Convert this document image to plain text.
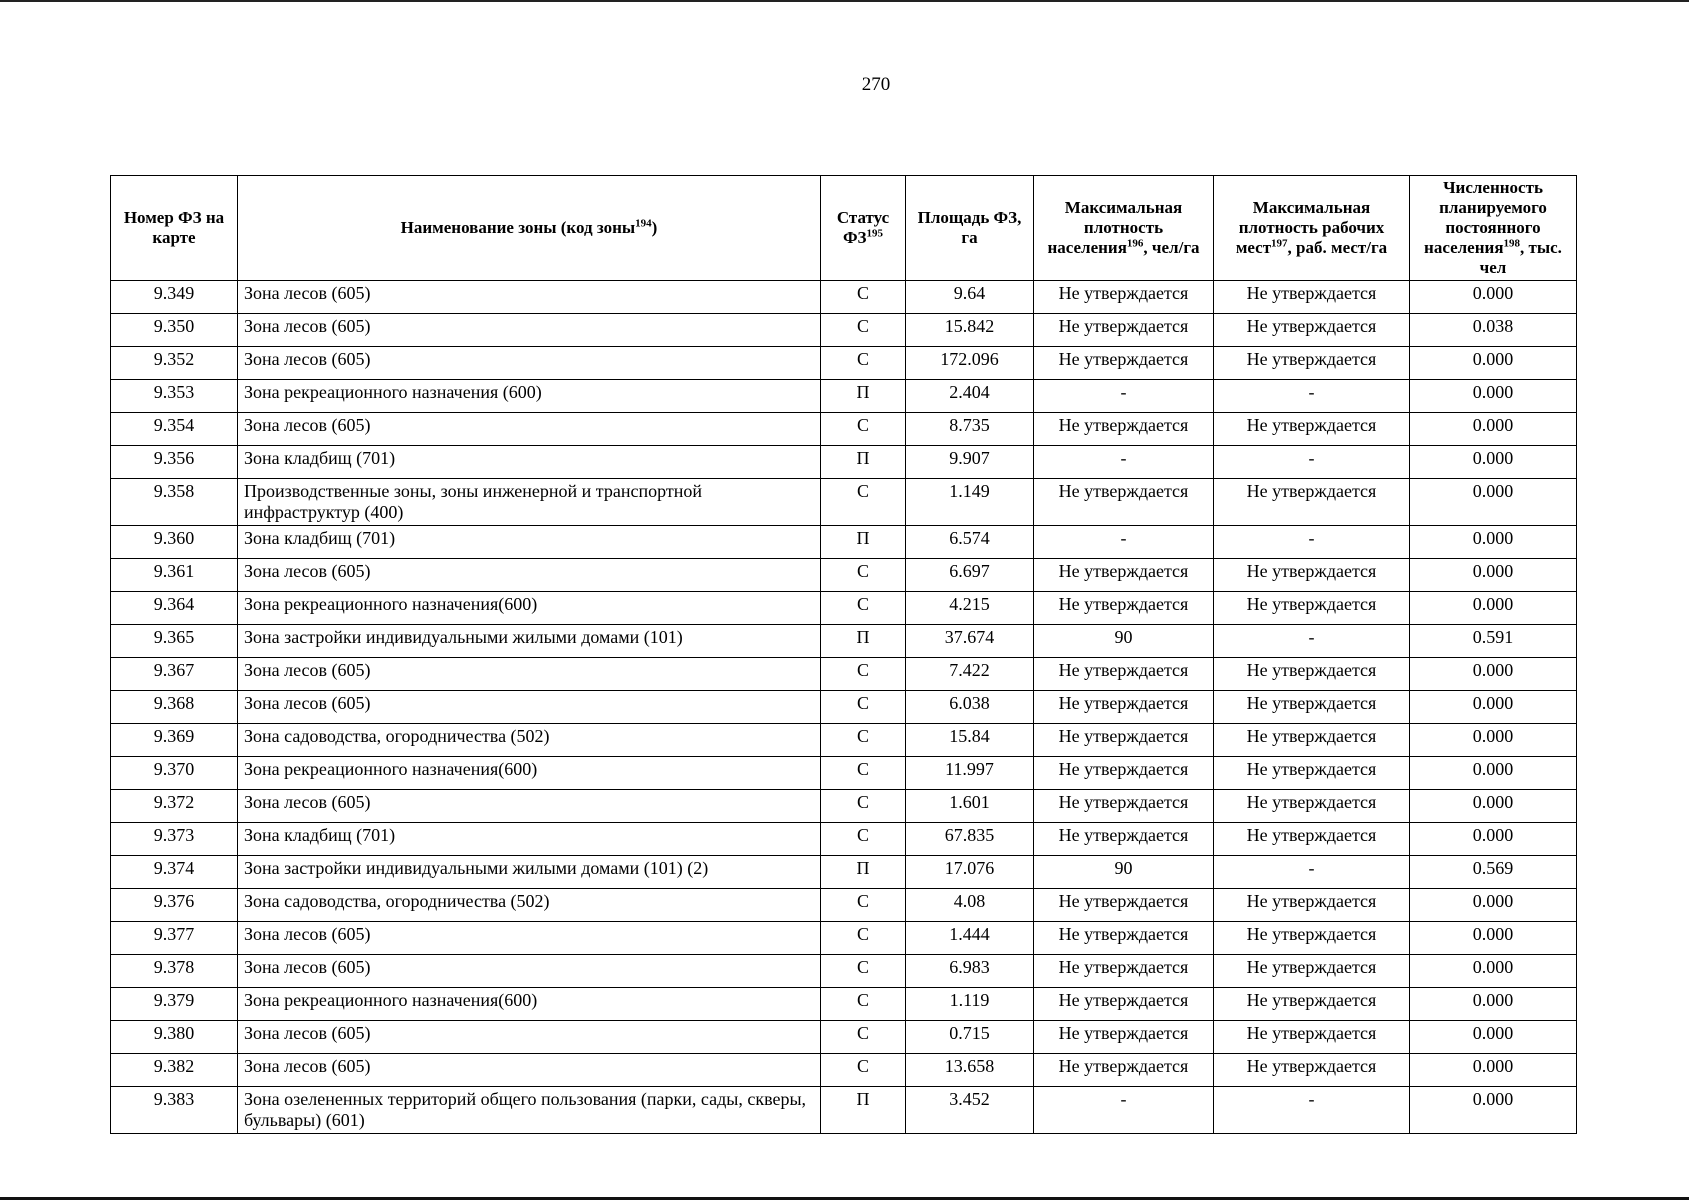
270
Номер ФЗ на карте	Наименование зоны (код зоны$^{194}$)	Статус ФЗ$^{195}$	Площадь ФЗ, га	Максимальная плотность населения$^{196}$, чел/га	Максимальная плотность рабочих мест$^{197}$, раб. мест/га	Численность планируемого постоянного населения$^{198}$, тыс. чел
9.349	Зона лесов (605)	С	9.64	Не утверждается	Не утверждается	0.000
9.350	Зона лесов (605)	С	15.842	Не утверждается	Не утверждается	0.038
9.352	Зона лесов (605)	С	172.096	Не утверждается	Не утверждается	0.000
9.353	Зона рекреационного назначения (600)	П	2.404	-	-	0.000
9.354	Зона лесов (605)	С	8.735	Не утверждается	Не утверждается	0.000
9.356	Зона кладбищ (701)	П	9.907	-	-	0.000
9.358	Производственные зоны, зоны инженерной и транспортной инфраструктур (400)	С	1.149	Не утверждается	Не утверждается	0.000
9.360	Зона кладбищ (701)	П	6.574	-	-	0.000
9.361	Зона лесов (605)	С	6.697	Не утверждается	Не утверждается	0.000
9.364	Зона рекреационного назначения(600)	С	4.215	Не утверждается	Не утверждается	0.000
9.365	Зона застройки индивидуальными жилыми домами (101)	П	37.674	90	-	0.591
9.367	Зона лесов (605)	С	7.422	Не утверждается	Не утверждается	0.000
9.368	Зона лесов (605)	С	6.038	Не утверждается	Не утверждается	0.000
9.369	Зона садоводства, огородничества (502)	С	15.84	Не утверждается	Не утверждается	0.000
9.370	Зона рекреационного назначения(600)	С	11.997	Не утверждается	Не утверждается	0.000
9.372	Зона лесов (605)	С	1.601	Не утверждается	Не утверждается	0.000
9.373	Зона кладбищ (701)	С	67.835	Не утверждается	Не утверждается	0.000
9.374	Зона застройки индивидуальными жилыми домами (101) (2)	П	17.076	90	-	0.569
9.376	Зона садоводства, огородничества (502)	С	4.08	Не утверждается	Не утверждается	0.000
9.377	Зона лесов (605)	С	1.444	Не утверждается	Не утверждается	0.000
9.378	Зона лесов (605)	С	6.983	Не утверждается	Не утверждается	0.000
9.379	Зона рекреационного назначения(600)	С	1.119	Не утверждается	Не утверждается	0.000
9.380	Зона лесов (605)	С	0.715	Не утверждается	Не утверждается	0.000
9.382	Зона лесов (605)	С	13.658	Не утверждается	Не утверждается	0.000
9.383	Зона озелененных территорий общего пользования (парки, сады, скверы, бульвары) (601)	П	3.452	-	-	0.000
